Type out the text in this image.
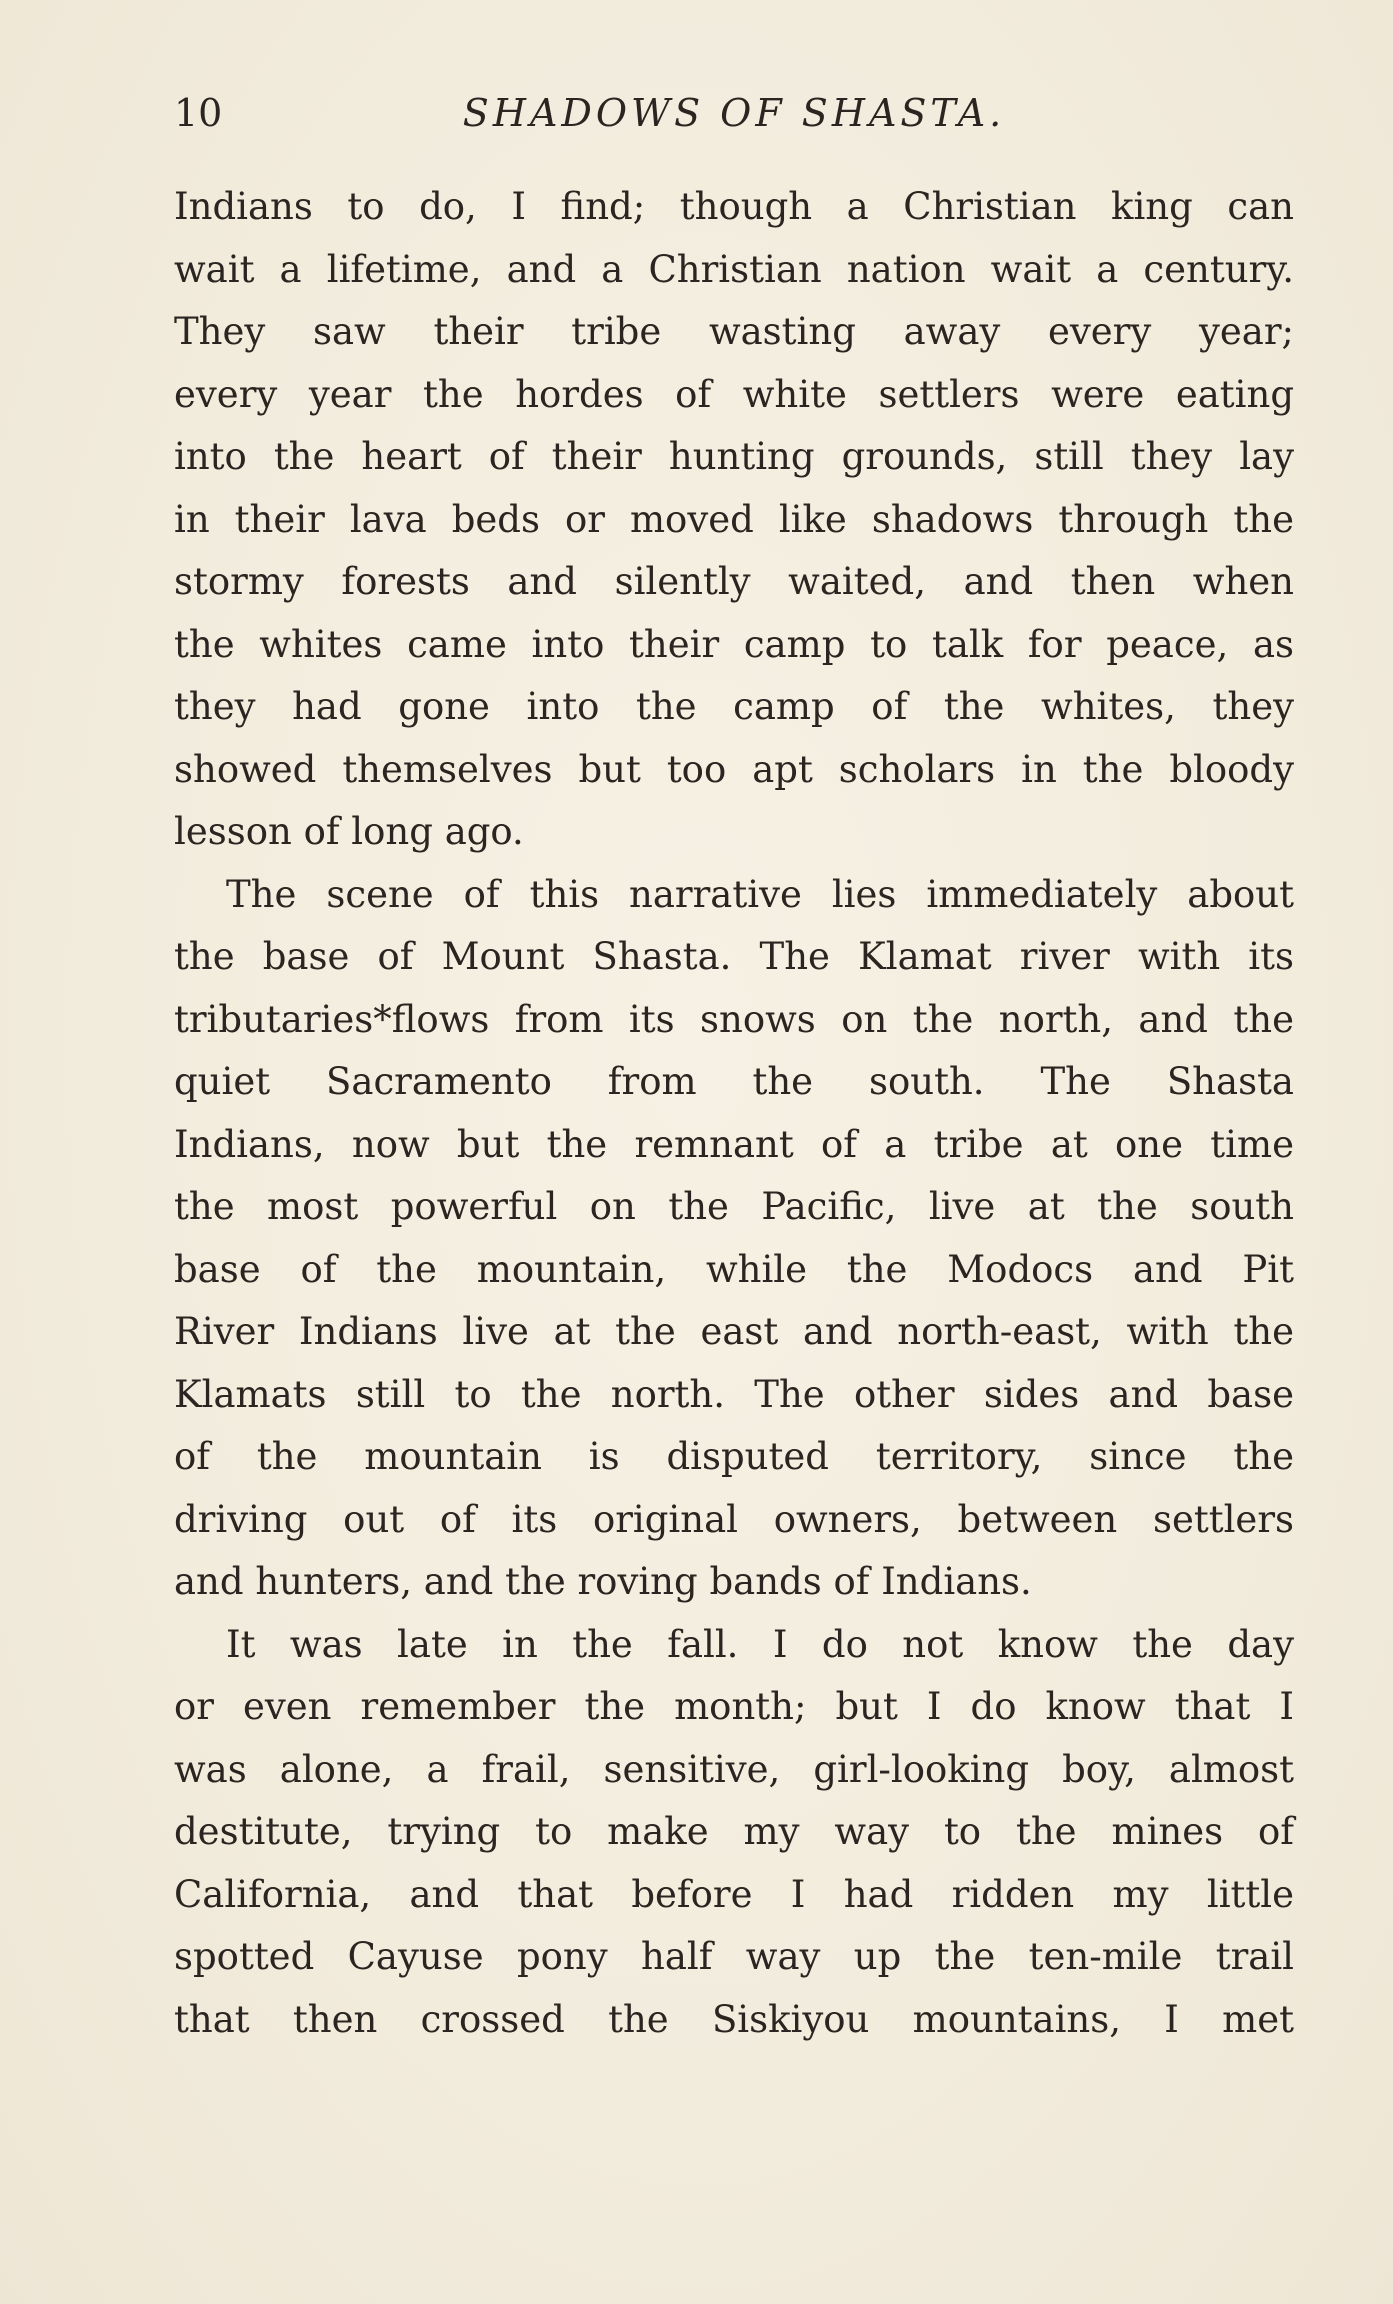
10	SHADOWS OF SHASTA.
Indians to do, I find; though a Christian king can
wait a lifetime, and a Christian nation wait a century.
They saw their tribe wasting away every year;
every year the hordes of white settlers were eating
into the heart of their hunting grounds, still they lay
in their lava beds or moved like shadows through the
stormy forests and silently waited, and then when
the whites came into their camp to talk for peace, as
they had gone into the camp of the whites, they
showed themselves but too apt scholars in the bloody
lesson of long ago.
The scene of this narrative lies immediately about
the base of Mount Shasta. The Klamat river with its
tributaries*flows from its snows on the north, and the
quiet Sacramento from the south. The Shasta
Indians, now but the remnant of a tribe at one time
the most powerful on the Pacific, live at the south
base of the mountain, while the Modocs and Pit
River Indians live at the east and north-east, with the
Klamats still to the north. The other sides and base
of the mountain is disputed territory, since the
driving out of its original owners, between settlers
and hunters, and the roving bands of Indians.
It was late in the fall. I do not know the day
or even remember the month; but I do know that I
was alone, a frail, sensitive, girl-looking boy, almost
destitute, trying to make my way to the mines of
California, and that before I had ridden my little
spotted Cayuse pony half way up the ten-mile trail
that then crossed the Siskiyou mountains, I met
